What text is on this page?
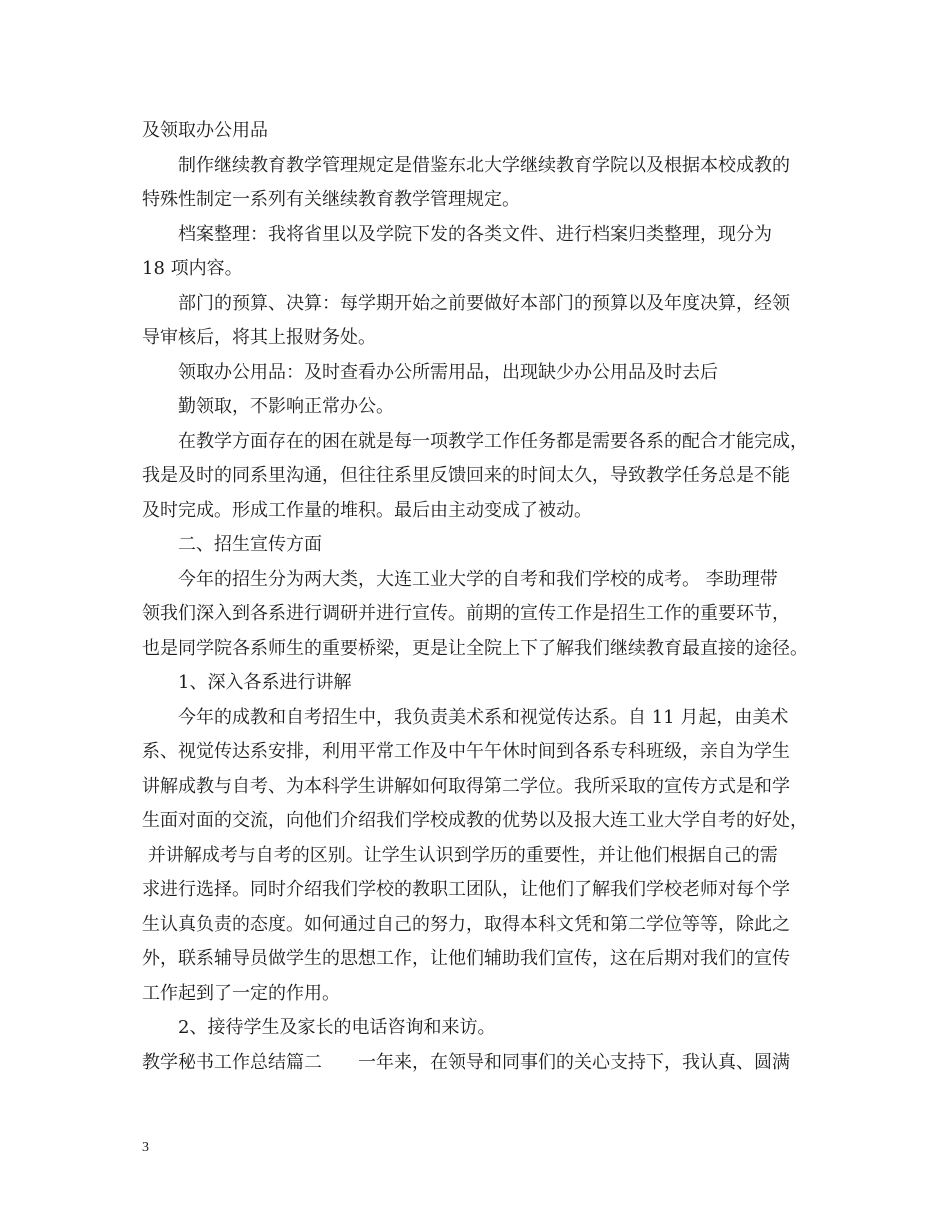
及领取办公用品
制作继续教育教学管理规定是借鉴东北大学继续教育学院以及根据本校成教的
特殊性制定一系列有关继续教育教学管理规定。
档案整理：我将省里以及学院下发的各类文件、进行档案归类整理，现分为
18 项内容。
部门的预算、决算：每学期开始之前要做好本部门的预算以及年度决算，经领
导审核后，将其上报财务处。
领取办公用品：及时查看办公所需用品，出现缺少办公用品及时去后
勤领取，不影响正常办公。
在教学方面存在的困在就是每一项教学工作任务都是需要各系的配合才能完成，
我是及时的同系里沟通，但往往系里反馈回来的时间太久，导致教学任务总是不能
及时完成。形成工作量的堆积。最后由主动变成了被动。
二、招生宣传方面
今年的招生分为两大类，大连工业大学的自考和我们学校的成考。 李助理带
领我们深入到各系进行调研并进行宣传。前期的宣传工作是招生工作的重要环节，
也是同学院各系师生的重要桥梁，更是让全院上下了解我们继续教育最直接的途径。
1、深入各系进行讲解
今年的成教和自考招生中，我负责美术系和视觉传达系。自 11 月起，由美术
系、视觉传达系安排，利用平常工作及中午午休时间到各系专科班级，亲自为学生
讲解成教与自考、为本科学生讲解如何取得第二学位。我所采取的宣传方式是和学
生面对面的交流，向他们介绍我们学校成教的优势以及报大连工业大学自考的好处，
并讲解成考与自考的区别。让学生认识到学历的重要性，并让他们根据自己的需
求进行选择。同时介绍我们学校的教职工团队，让他们了解我们学校老师对每个学
生认真负责的态度。如何通过自己的努力，取得本科文凭和第二学位等等，除此之
外，联系辅导员做学生的思想工作，让他们辅助我们宣传，这在后期对我们的宣传
工作起到了一定的作用。
2、接待学生及家长的电话咨询和来访。
教学秘书工作总结篇二　　一年来，在领导和同事们的关心支持下，我认真、圆满
3
